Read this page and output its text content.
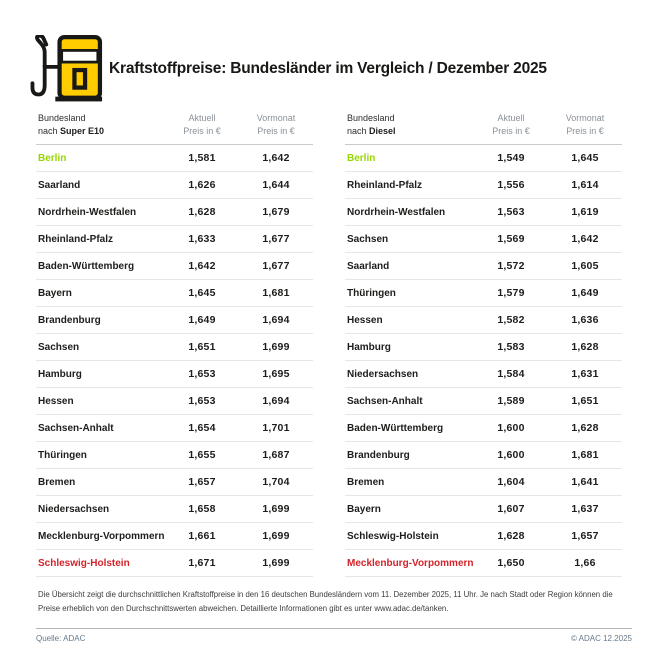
Kraftstoffpreise: Bundesländer im Vergleich / Dezember 2025
Bundesland
nach Super E10
Aktuell
Preis in €
Vormonat
Preis in €
Berlin	1,581	1,642
Saarland	1,626	1,644
Nordrhein-Westfalen	1,628	1,679
Rheinland-Pfalz	1,633	1,677
Baden-Württemberg	1,642	1,677
Bayern	1,645	1,681
Brandenburg	1,649	1,694
Sachsen	1,651	1,699
Hamburg	1,653	1,695
Hessen	1,653	1,694
Sachsen-Anhalt	1,654	1,701
Thüringen	1,655	1,687
Bremen	1,657	1,704
Niedersachsen	1,658	1,699
Mecklenburg-Vorpommern	1,661	1,699
Schleswig-Holstein	1,671	1,699
Bundesland
nach Diesel
Aktuell
Preis in €
Vormonat
Preis in €
Berlin	1,549	1,645
Rheinland-Pfalz	1,556	1,614
Nordrhein-Westfalen	1,563	1,619
Sachsen	1,569	1,642
Saarland	1,572	1,605
Thüringen	1,579	1,649
Hessen	1,582	1,636
Hamburg	1,583	1,628
Niedersachsen	1,584	1,631
Sachsen-Anhalt	1,589	1,651
Baden-Württemberg	1,600	1,628
Brandenburg	1,600	1,681
Bremen	1,604	1,641
Bayern	1,607	1,637
Schleswig-Holstein	1,628	1,657
Mecklenburg-Vorpommern	1,650	1,66
Die Übersicht zeigt die durchschnittlichen Kraftstoffpreise in den 16 deutschen Bundesländern vom 11. Dezember 2025, 11 Uhr. Je nach Stadt oder Region können die Preise erheblich von den Durchschnittswerten abweichen. Detaillierte Informationen gibt es unter www.adac.de/tanken.
Quelle: ADAC	© ADAC 12.2025
